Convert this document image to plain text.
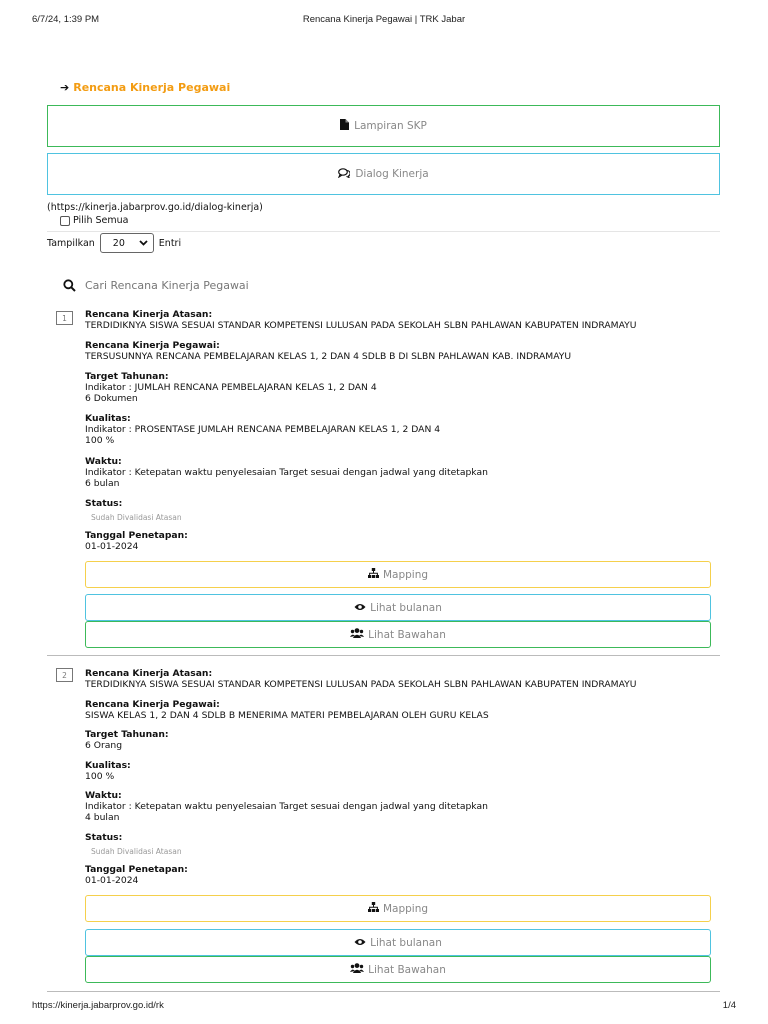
6/7/24, 1:39 PM	Rencana Kinerja Pegawai | TRK Jabar
➔ Rencana Kinerja Pegawai
Lampiran SKP
Dialog Kinerja
(https://kinerja.jabarprov.go.id/dialog-kinerja)
Pilih Semua
Tampilkan 20	Entri
Cari Rencana Kinerja Pegawai
1 Rencana Kinerja Atasan:
TERDIDIKNYA SISWA SESUAI STANDAR KOMPETENSI LULUSAN PADA SEKOLAH SLBN PAHLAWAN KABUPATEN INDRAMAYU
Rencana Kinerja Pegawai:
TERSUSUNNYA RENCANA PEMBELAJARAN KELAS 1, 2 DAN 4 SDLB B DI SLBN PAHLAWAN KAB. INDRAMAYU
Target Tahunan:
Indikator : JUMLAH RENCANA PEMBELAJARAN KELAS 1, 2 DAN 4
6 Dokumen
Kualitas:
Indikator : PROSENTASE JUMLAH RENCANA PEMBELAJARAN KELAS 1, 2 DAN 4
100 %
Waktu:
Indikator : Ketepatan waktu penyelesaian Target sesuai dengan jadwal yang ditetapkan
6 bulan
Status:
Sudah Divalidasi Atasan
Tanggal Penetapan:
01-01-2024
Mapping
Lihat bulanan
Lihat Bawahan
2 Rencana Kinerja Atasan:
TERDIDIKNYA SISWA SESUAI STANDAR KOMPETENSI LULUSAN PADA SEKOLAH SLBN PAHLAWAN KABUPATEN INDRAMAYU
Rencana Kinerja Pegawai:
SISWA KELAS 1, 2 DAN 4 SDLB B MENERIMA MATERI PEMBELAJARAN OLEH GURU KELAS
Target Tahunan:
6 Orang
Kualitas:
100 %
Waktu:
Indikator : Ketepatan waktu penyelesaian Target sesuai dengan jadwal yang ditetapkan
4 bulan
Status:
Sudah Divalidasi Atasan
Tanggal Penetapan:
01-01-2024
Mapping
Lihat bulanan
Lihat Bawahan
https://kinerja.jabarprov.go.id/rk	1/4
